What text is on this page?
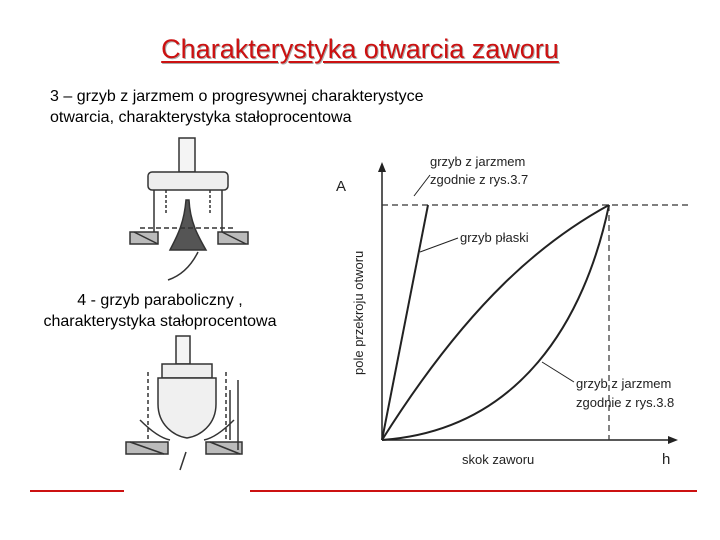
Charakterystyka otwarcia zaworu
3 – grzyb z jarzmem o progresywnej charakterystyce
otwarcia, charakterystyka stałoprocentowa
4 - grzyb paraboliczny ,
charakterystyka stałoprocentowa
A
h
pole przekroju otworu
skok zaworu
grzyb z jarzmem
zgodnie z rys.3.7
grzyb płaski
grzyb z jarzmem
zgodnie z rys.3.8
